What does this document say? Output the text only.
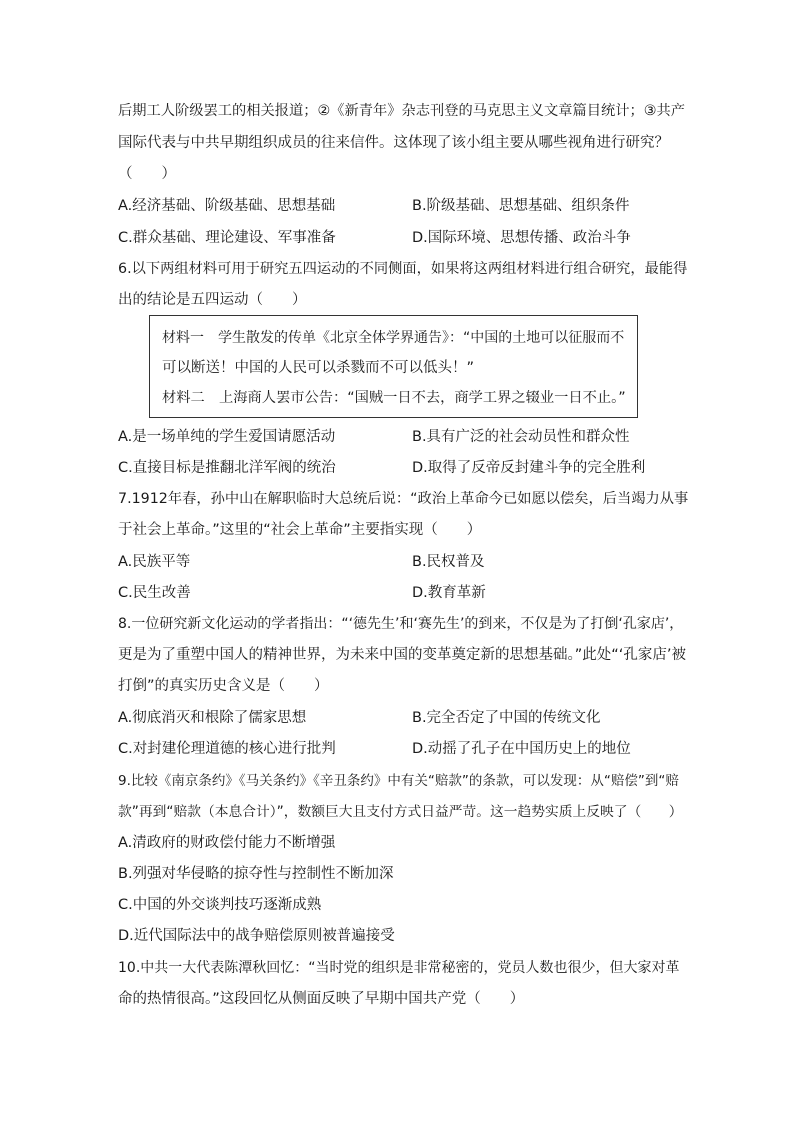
后期工人阶级罢工的相关报道；②《新青年》杂志刊登的马克思主义文章篇目统计；③共产
国际代表与中共早期组织成员的往来信件。这体现了该小组主要从哪些视角进行研究？
（　　）
A.经济基础、阶级基础、思想基础	B.阶级基础、思想基础、组织条件
C.群众基础、理论建设、军事准备	D.国际环境、思想传播、政治斗争
6.以下两组材料可用于研究五四运动的不同侧面，如果将这两组材料进行组合研究，最能得
出的结论是五四运动（　　）
材料一　学生散发的传单《北京全体学界通告》：“中国的土地可以征服而不
可以断送！中国的人民可以杀戮而不可以低头！”
材料二　上海商人罢市公告：“国贼一日不去，商学工界之辍业一日不止。”
A.是一场单纯的学生爱国请愿活动	B.具有广泛的社会动员性和群众性
C.直接目标是推翻北洋军阀的统治	D.取得了反帝反封建斗争的完全胜利
7.1912年春，孙中山在解职临时大总统后说：“政治上革命今已如愿以偿矣，后当竭力从事
于社会上革命。”这里的“社会上革命”主要指实现（　　）
A.民族平等	B.民权普及
C.民生改善	D.教育革新
8.一位研究新文化运动的学者指出：“‘德先生’和‘赛先生’的到来，不仅是为了打倒‘孔家店’，
更是为了重塑中国人的精神世界，为未来中国的变革奠定新的思想基础。”此处“‘孔家店’被
打倒”的真实历史含义是（　　）
A.彻底消灭和根除了儒家思想	B.完全否定了中国的传统文化
C.对封建伦理道德的核心进行批判	D.动摇了孔子在中国历史上的地位
9.比较《南京条约》《马关条约》《辛丑条约》中有关“赔款”的条款，可以发现：从“赔偿”到“赔
款”再到“赔款（本息合计）”，数额巨大且支付方式日益严苛。这一趋势实质上反映了（　　）
A.清政府的财政偿付能力不断增强
B.列强对华侵略的掠夺性与控制性不断加深
C.中国的外交谈判技巧逐渐成熟
D.近代国际法中的战争赔偿原则被普遍接受
10.中共一大代表陈潭秋回忆：“当时党的组织是非常秘密的，党员人数也很少，但大家对革
命的热情很高。”这段回忆从侧面反映了早期中国共产党（　　）
